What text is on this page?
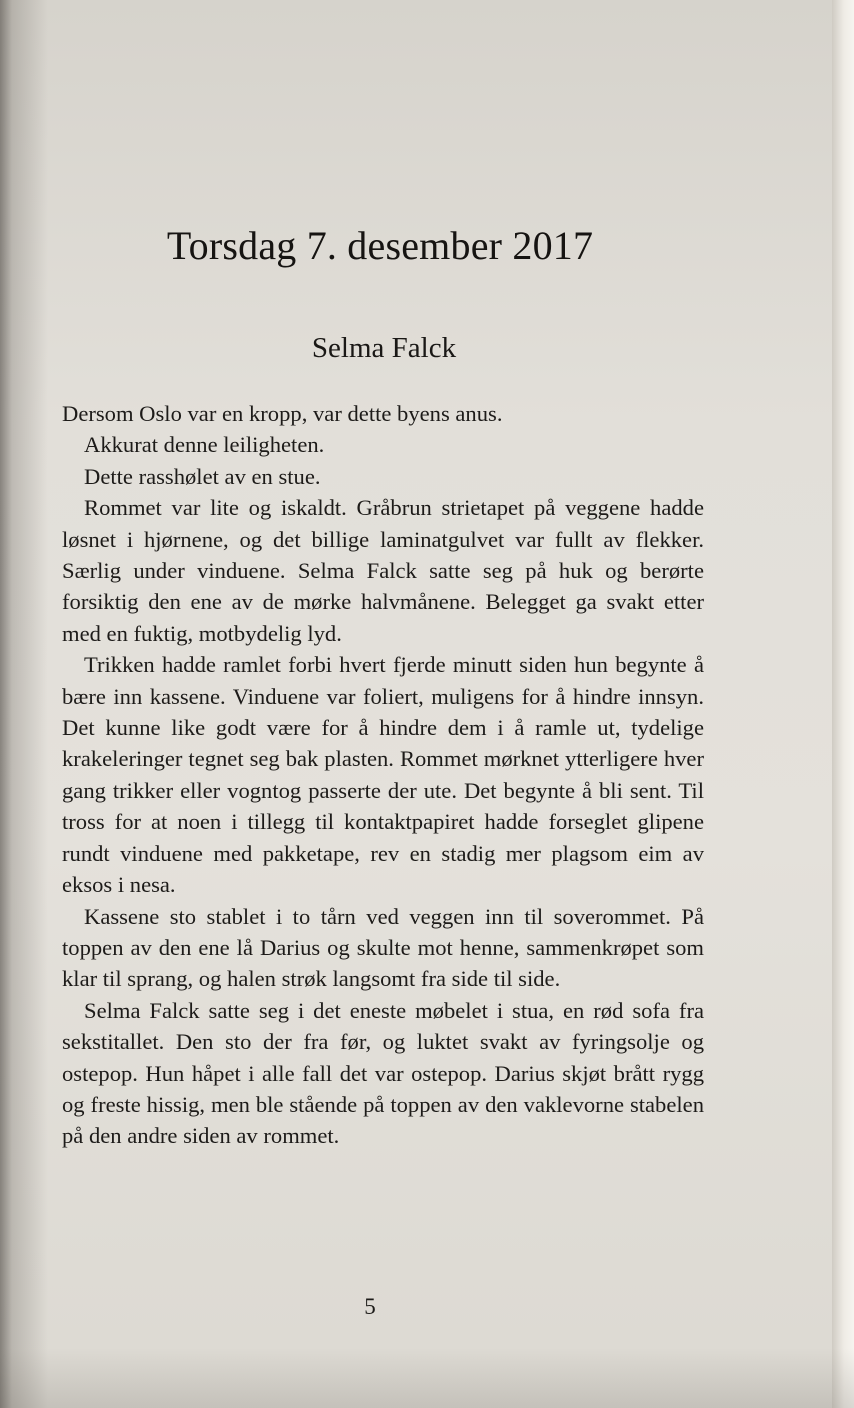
Torsdag 7. desember 2017
Selma Falck

Dersom Oslo var en kropp, var dette byens anus.

Akkurat denne leiligheten.

Dette rasshølet av en stue.

Rommet var lite og iskaldt. Gråbrun strietapet på veggene hadde løsnet i hjørnene, og det billige laminatgulvet var fullt av flekker. Særlig under vinduene. Selma Falck satte seg på huk og berørte forsiktig den ene av de mørke halvmånene. Belegget ga svakt etter med en fuktig, motbydelig lyd.

Trikken hadde ramlet forbi hvert fjerde minutt siden hun begynte å bære inn kassene. Vinduene var foliert, muligens for å hindre innsyn. Det kunne like godt være for å hindre dem i å ramle ut, tydelige krakeleringer tegnet seg bak plasten. Rommet mørknet ytterligere hver gang trikker eller vogntog passerte der ute. Det begynte å bli sent. Til tross for at noen i tillegg til kontaktpapiret hadde forseglet glipene rundt vinduene med pakketape, rev en stadig mer plagsom eim av eksos i nesa.

Kassene sto stablet i to tårn ved veggen inn til soverommet. På toppen av den ene lå Darius og skulte mot henne, sammenkrøpet som klar til sprang, og halen strøk langsomt fra side til side.

Selma Falck satte seg i det eneste møbelet i stua, en rød sofa fra sekstitallet. Den sto der fra før, og luktet svakt av fyringsolje og ostepop. Hun håpet i alle fall det var ostepop. Darius skjøt brått rygg og freste hissig, men ble stående på toppen av den vaklevorne stabelen på den andre siden av rommet.

5
